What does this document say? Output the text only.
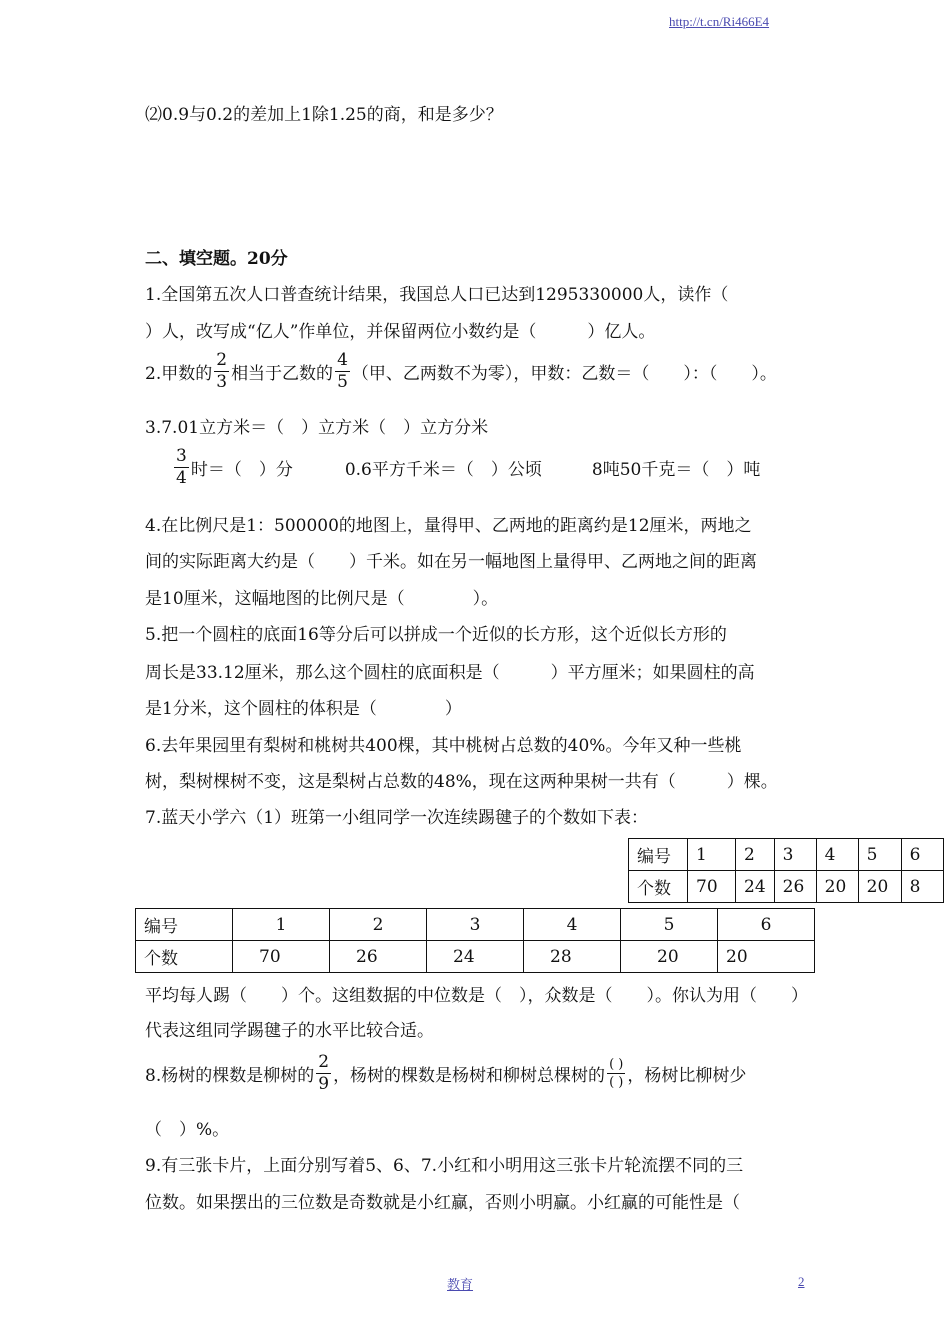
http://t.cn/Ri466E4
⑵0.9与0.2的差加上1除1.25的商，和是多少？
二、填空题。20分
1.全国第五次人口普查统计结果，我国总人口已达到1295330000人，读作（
）人，改写成“亿人”作单位，并保留两位小数约是（　　　）亿人。
2.甲数的 $\frac{2}{3}$ 相当于乙数的 $\frac{4}{5}$ （甲、乙两数不为零），甲数：乙数＝（　　）：（　　）。
3.7.01立方米＝（　）立方米（　）立方分米
$\frac{3}{4}$ 时＝（　）分	0.6平方千米＝（　）公顷	8吨50千克＝（　）吨
4.在比例尺是1：500000的地图上，量得甲、乙两地的距离约是12厘米，两地之
间的实际距离大约是（　　）千米。如在另一幅地图上量得甲、乙两地之间的距离
是10厘米，这幅地图的比例尺是（　　　　）。
5.把一个圆柱的底面16等分后可以拼成一个近似的长方形，这个近似长方形的
周长是33.12厘米，那么这个圆柱的底面积是（　　　）平方厘米；如果圆柱的高
是1分米，这个圆柱的体积是（　　　　）
6.去年果园里有梨树和桃树共400棵，其中桃树占总数的40%。今年又种一些桃
树，梨树棵树不变，这是梨树占总数的48%，现在这两种果树一共有（　　　）棵。
7.蓝天小学六（1）班第一小组同学一次连续踢毽子的个数如下表：
编号	1	2	3	4	5	6
个数	70	24	26	20	20	8
编号	1	2	3	4	5	6
个数	70	26	24	28	20	20
平均每人踢（　　）个。这组数据的中位数是（　），众数是（　　）。你认为用（　　）
代表这组同学踢毽子的水平比较合适。
8.杨树的棵数是柳树的 $\frac{2}{9}$ ，杨树的棵数是杨树和柳树总棵树的 $\frac{( )}{( )}$ ，杨树比柳树少
（　）%。
9.有三张卡片，上面分别写着5、6、7.小红和小明用这三张卡片轮流摆不同的三
位数。如果摆出的三位数是奇数就是小红赢，否则小明赢。小红赢的可能性是（
教育	2
